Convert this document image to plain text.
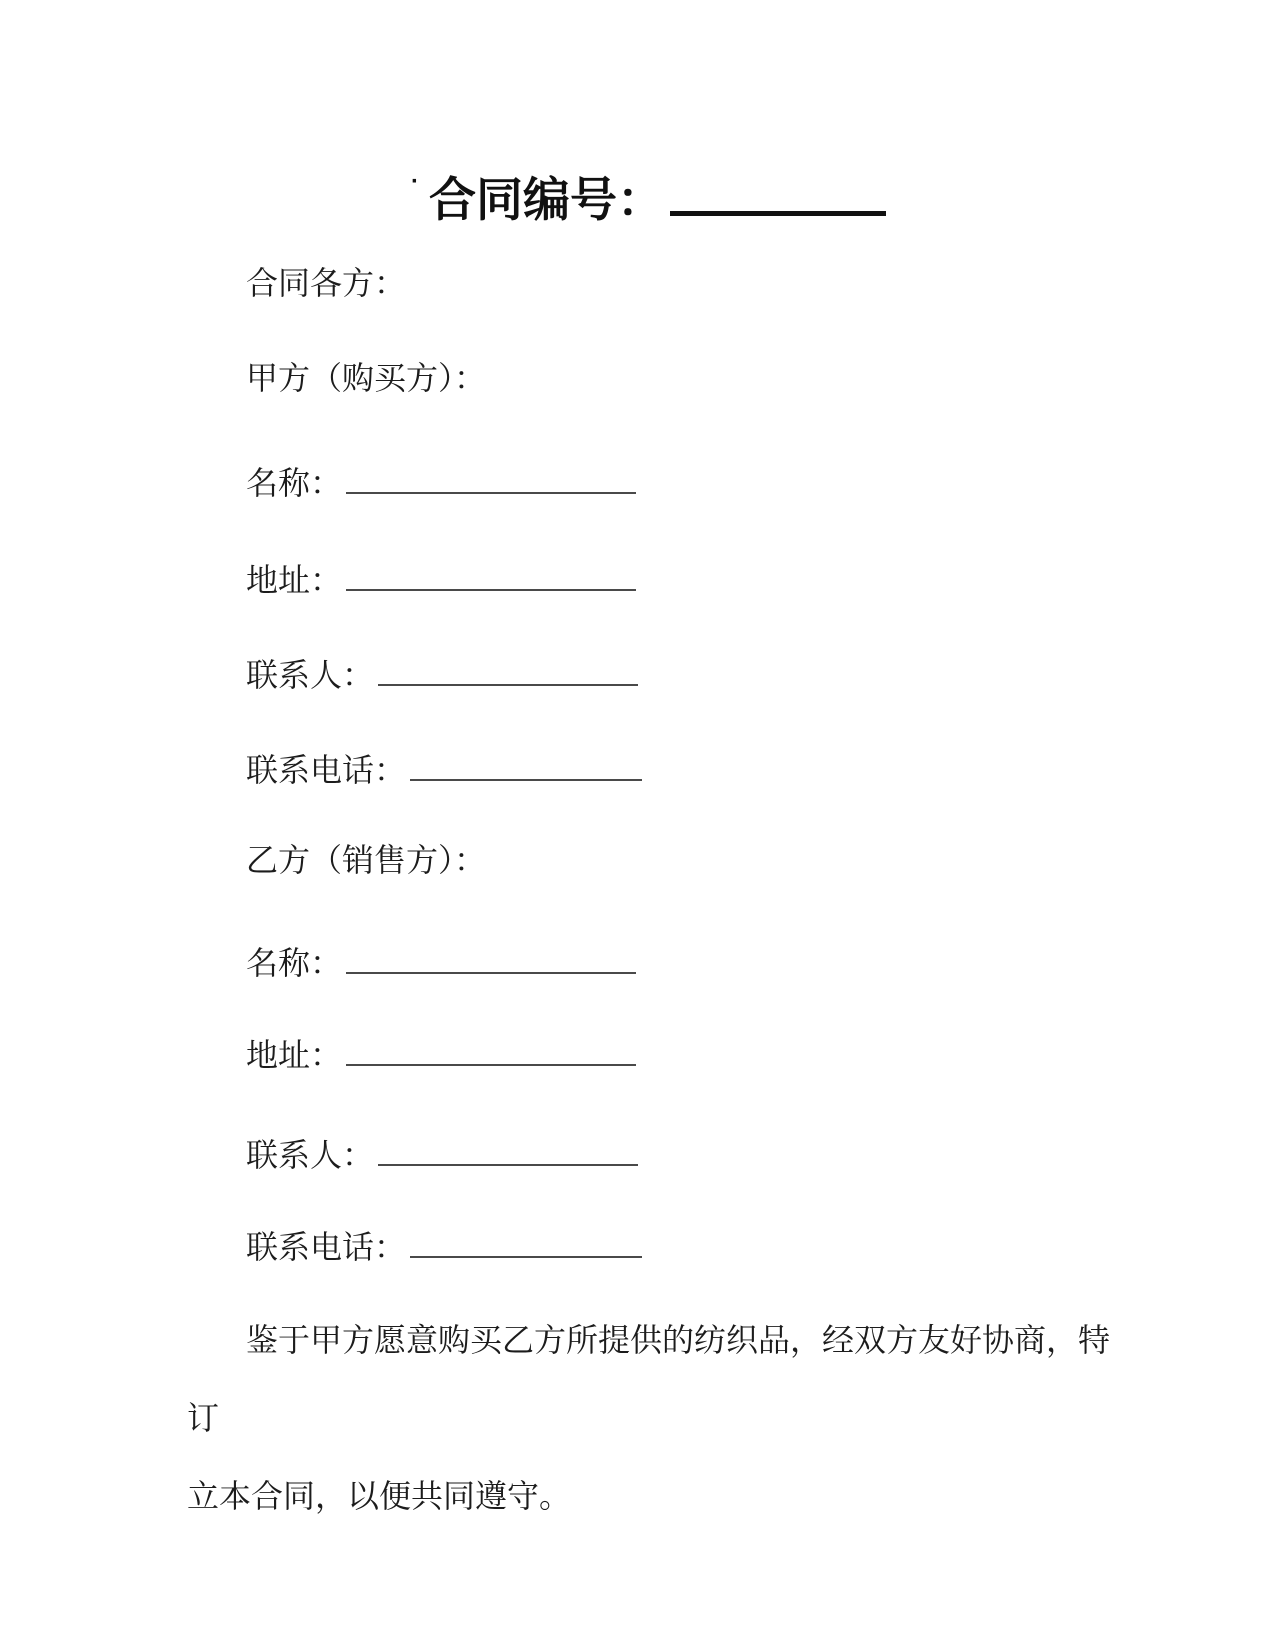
· 合同编号：
合同各方：
甲方（购买方）：
名称：
地址：
联系人：
联系电话：
乙方（销售方）：
名称：
地址：
联系人：
联系电话：
鉴于甲方愿意购买乙方所提供的纺织品，经双方友好协商，特订
立本合同，以便共同遵守。
